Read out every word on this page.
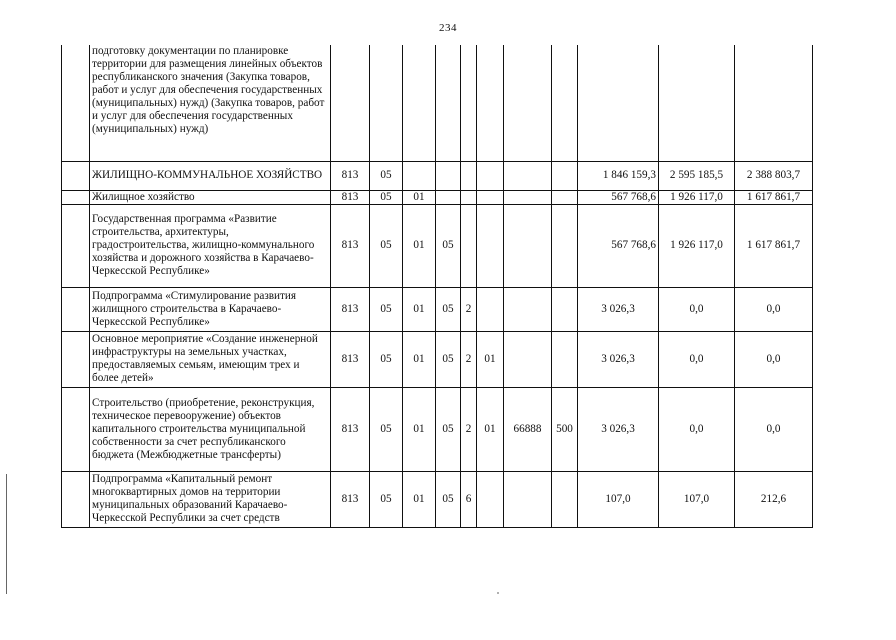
234
	подготовку документации по планировке территории для размещения линейных объектов республиканского значения (Закупка товаров, работ и услуг для обеспечения государственных (муниципальных) нужд) (Закупка товаров, работ и услуг для обеспечения государственных (муниципальных) нужд)											
	ЖИЛИЩНО-КОММУНАЛЬНОЕ ХОЗЯЙСТВО	813	05							1 846 159,3	2 595 185,5	2 388 803,7
	Жилищное хозяйство	813	05	01						567 768,6	1 926 117,0	1 617 861,7
	Государственная программа «Развитие строительства, архитектуры, градостроительства, жилищно-коммунального хозяйства и дорожного хозяйства в Карачаево-Черкесской Республике»	813	05	01	05					567 768,6	1 926 117,0	1 617 861,7
	Подпрограмма «Стимулирование развития жилищного строительства в Карачаево-Черкесской Республике»	813	05	01	05	2				3 026,3	0,0	0,0
	Основное мероприятие «Создание инженерной инфраструктуры на земельных участках, предоставляемых семьям, имеющим трех и более детей»	813	05	01	05	2	01			3 026,3	0,0	0,0
	Строительство (приобретение, реконструкция, техническое перевооружение) объектов капитального строительства муниципальной собственности за счет республиканского бюджета (Межбюджетные трансферты)	813	05	01	05	2	01	66888	500	3 026,3	0,0	0,0
	Подпрограмма «Капитальный ремонт многоквартирных домов на территории муниципальных образований Карачаево-Черкесской Республики за счет средств	813	05	01	05	6				107,0	107,0	212,6
